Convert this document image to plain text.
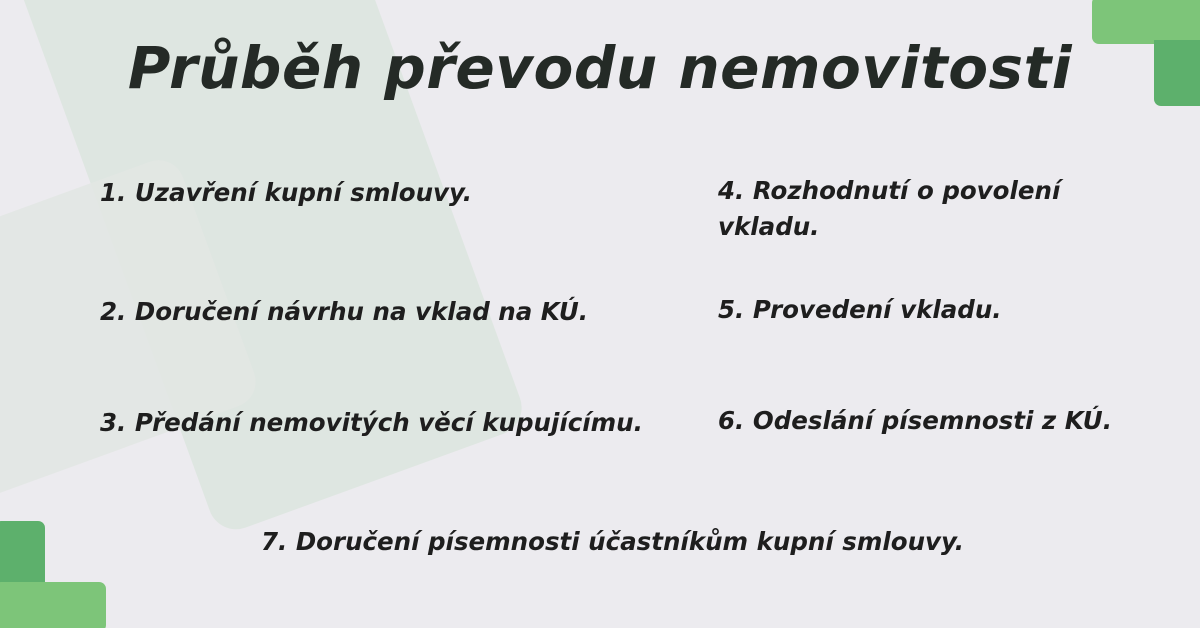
Průběh převodu nemovitosti

1. Uzavření kupní smlouvy.

2. Doručení návrhu na vklad na KÚ.

3. Předání nemovitých věcí kupujícímu.

4. Rozhodnutí o povolení vkladu.

5. Provedení vkladu.

6. Odeslání písemnosti z KÚ.

7. Doručení písemnosti účastníkům kupní smlouvy.
